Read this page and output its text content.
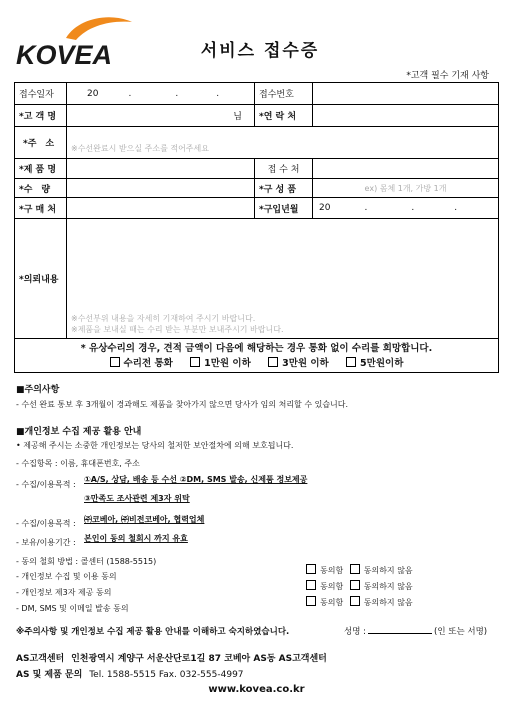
KOVEA	서비스 접수증
*고객 필수 기재 사항
접수일자	20 . . .	접수번호	
*고 객 명	님	*연 락 처	
*주　소	※수선완료시 받으실 주소를 적어주세요		
*제 품 명		접 수 처	
*수　량		*구 성 품	ex) 몸체 1개, 가방 1개
*구 매 처		*구입년월	20 . . .
*의뢰내용	※수선부위 내용을 자세히 기재하여 주시기 바랍니다.
※제품을 보내실 때는 수리 받는 부분만 보내주시기 바랍니다.		

* 유상수리의 경우, 견적 금액이 다음에 해당하는 경우 통화 없이 수리를 희망합니다.
수리전 통화 1만원 이하 3만원 이하 5만원이하			
■주의사항
- 수선 완료 통보 후 3개월이 경과해도 제품을 찾아가지 않으면 당사가 임의 처리할 수 있습니다.
■개인정보 수집 제공 활용 안내
• 제공해 주시는 소중한 개인정보는 당사의 철저한 보안절차에 의해 보호됩니다.
- 수집항목 : 이름, 휴대폰번호, 주소
- 수집/이용목적 :
①A/S, 상담, 배송 등 수선 ②DM, SMS 발송, 신제품 정보제공
③만족도 조사관련 제3자 위탁
- 수집/이용목적 : ㈜코베아, ㈜비전코베아, 협력업체
- 보유/이용기간 : 본인이 동의 철회시 까지 유효
- 동의 철회 방법 : 콜센터 (1588-5515)
- 개인정보 수집 및 이용 동의
동의함	동의하지 않음
- 개인정보 제3자 제공 동의
동의함	동의하지 않음
- DM, SMS 및 이메일 발송 동의
동의함	동의하지 않음
※주의사항 및 개인정보 수집 제공 활용 안내를 이해하고 숙지하였습니다.	성명 :	(인 또는 서명)
AS고객센터 인천광역시 계양구 서운산단로1길 87 코베아 AS동 AS고객센터
AS 및 제품 문의 Tel. 1588-5515 Fax. 032-555-4997
www.kovea.co.kr
